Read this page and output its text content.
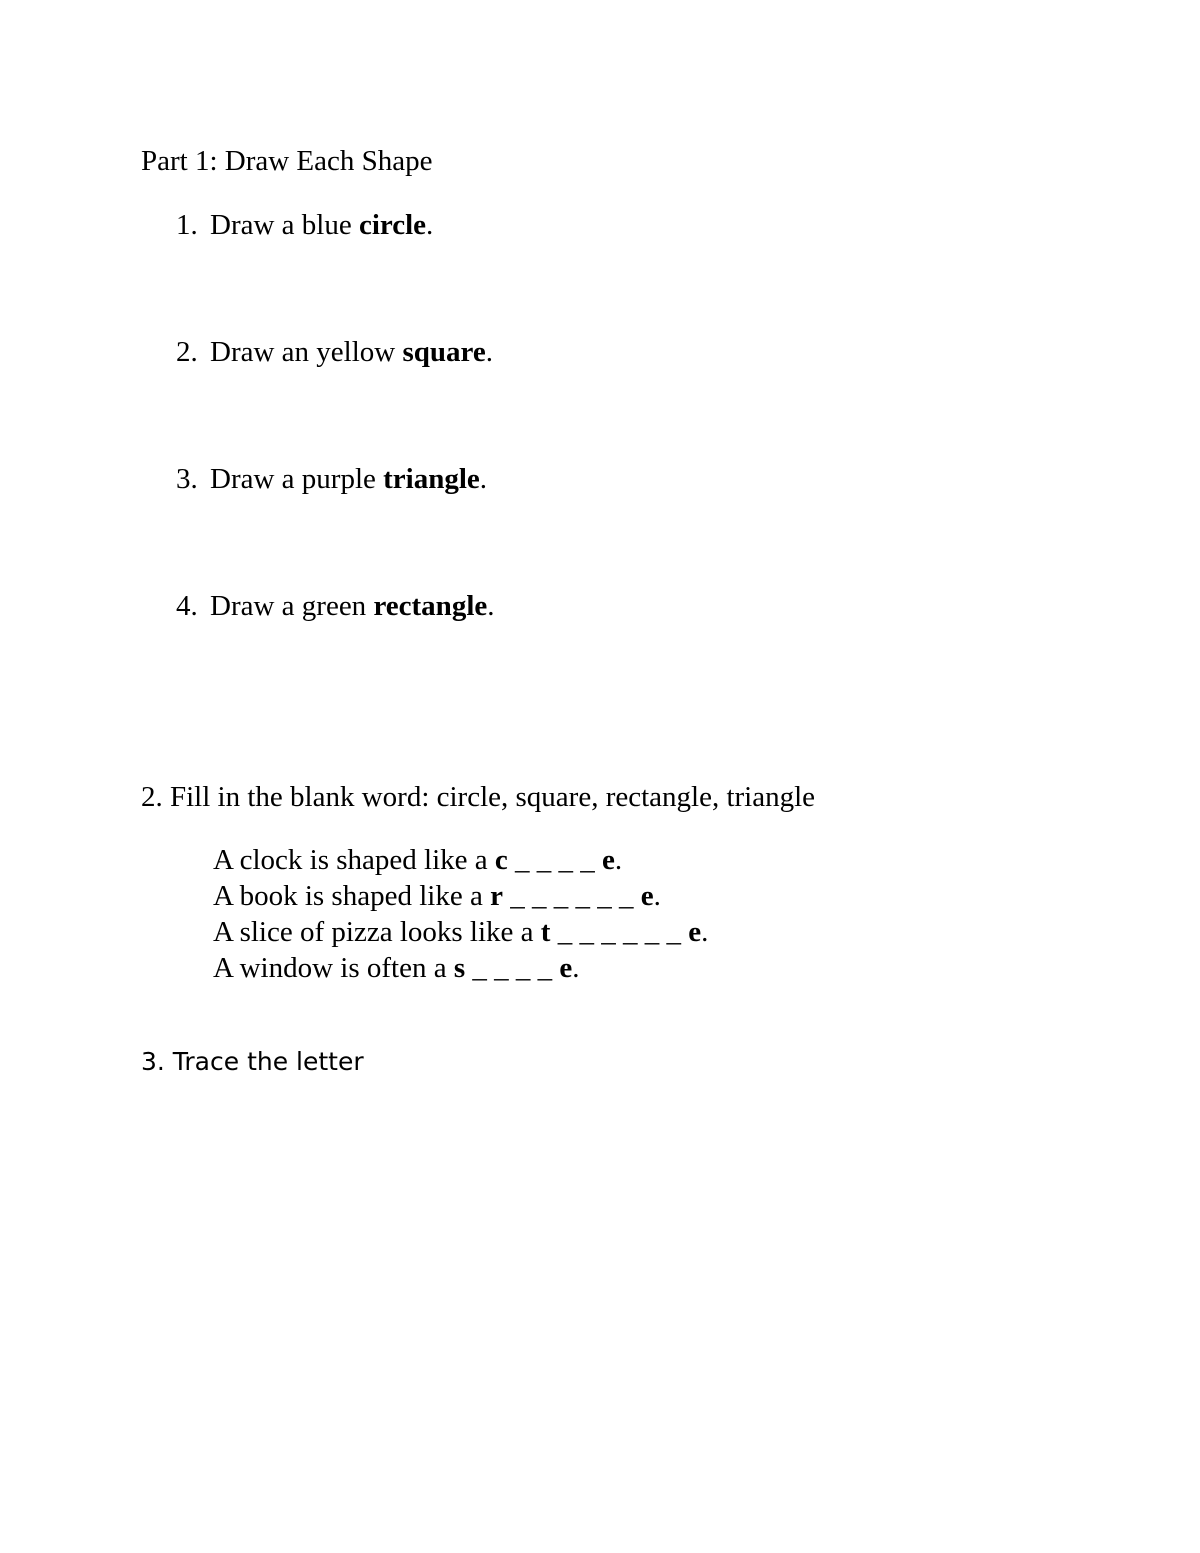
Part 1: Draw Each Shape
1. Draw a blue circle.
2. Draw an yellow square.
3. Draw a purple triangle.
4. Draw a green rectangle.
2. Fill in the blank word: circle, square, rectangle, triangle
A clock is shaped like a c _ _ _ _ e.
A book is shaped like a r _ _ _ _ _ _ e.
A slice of pizza looks like a t _ _ _ _ _ _ e.
A window is often a s _ _ _ _ e.
3. Trace the letter
